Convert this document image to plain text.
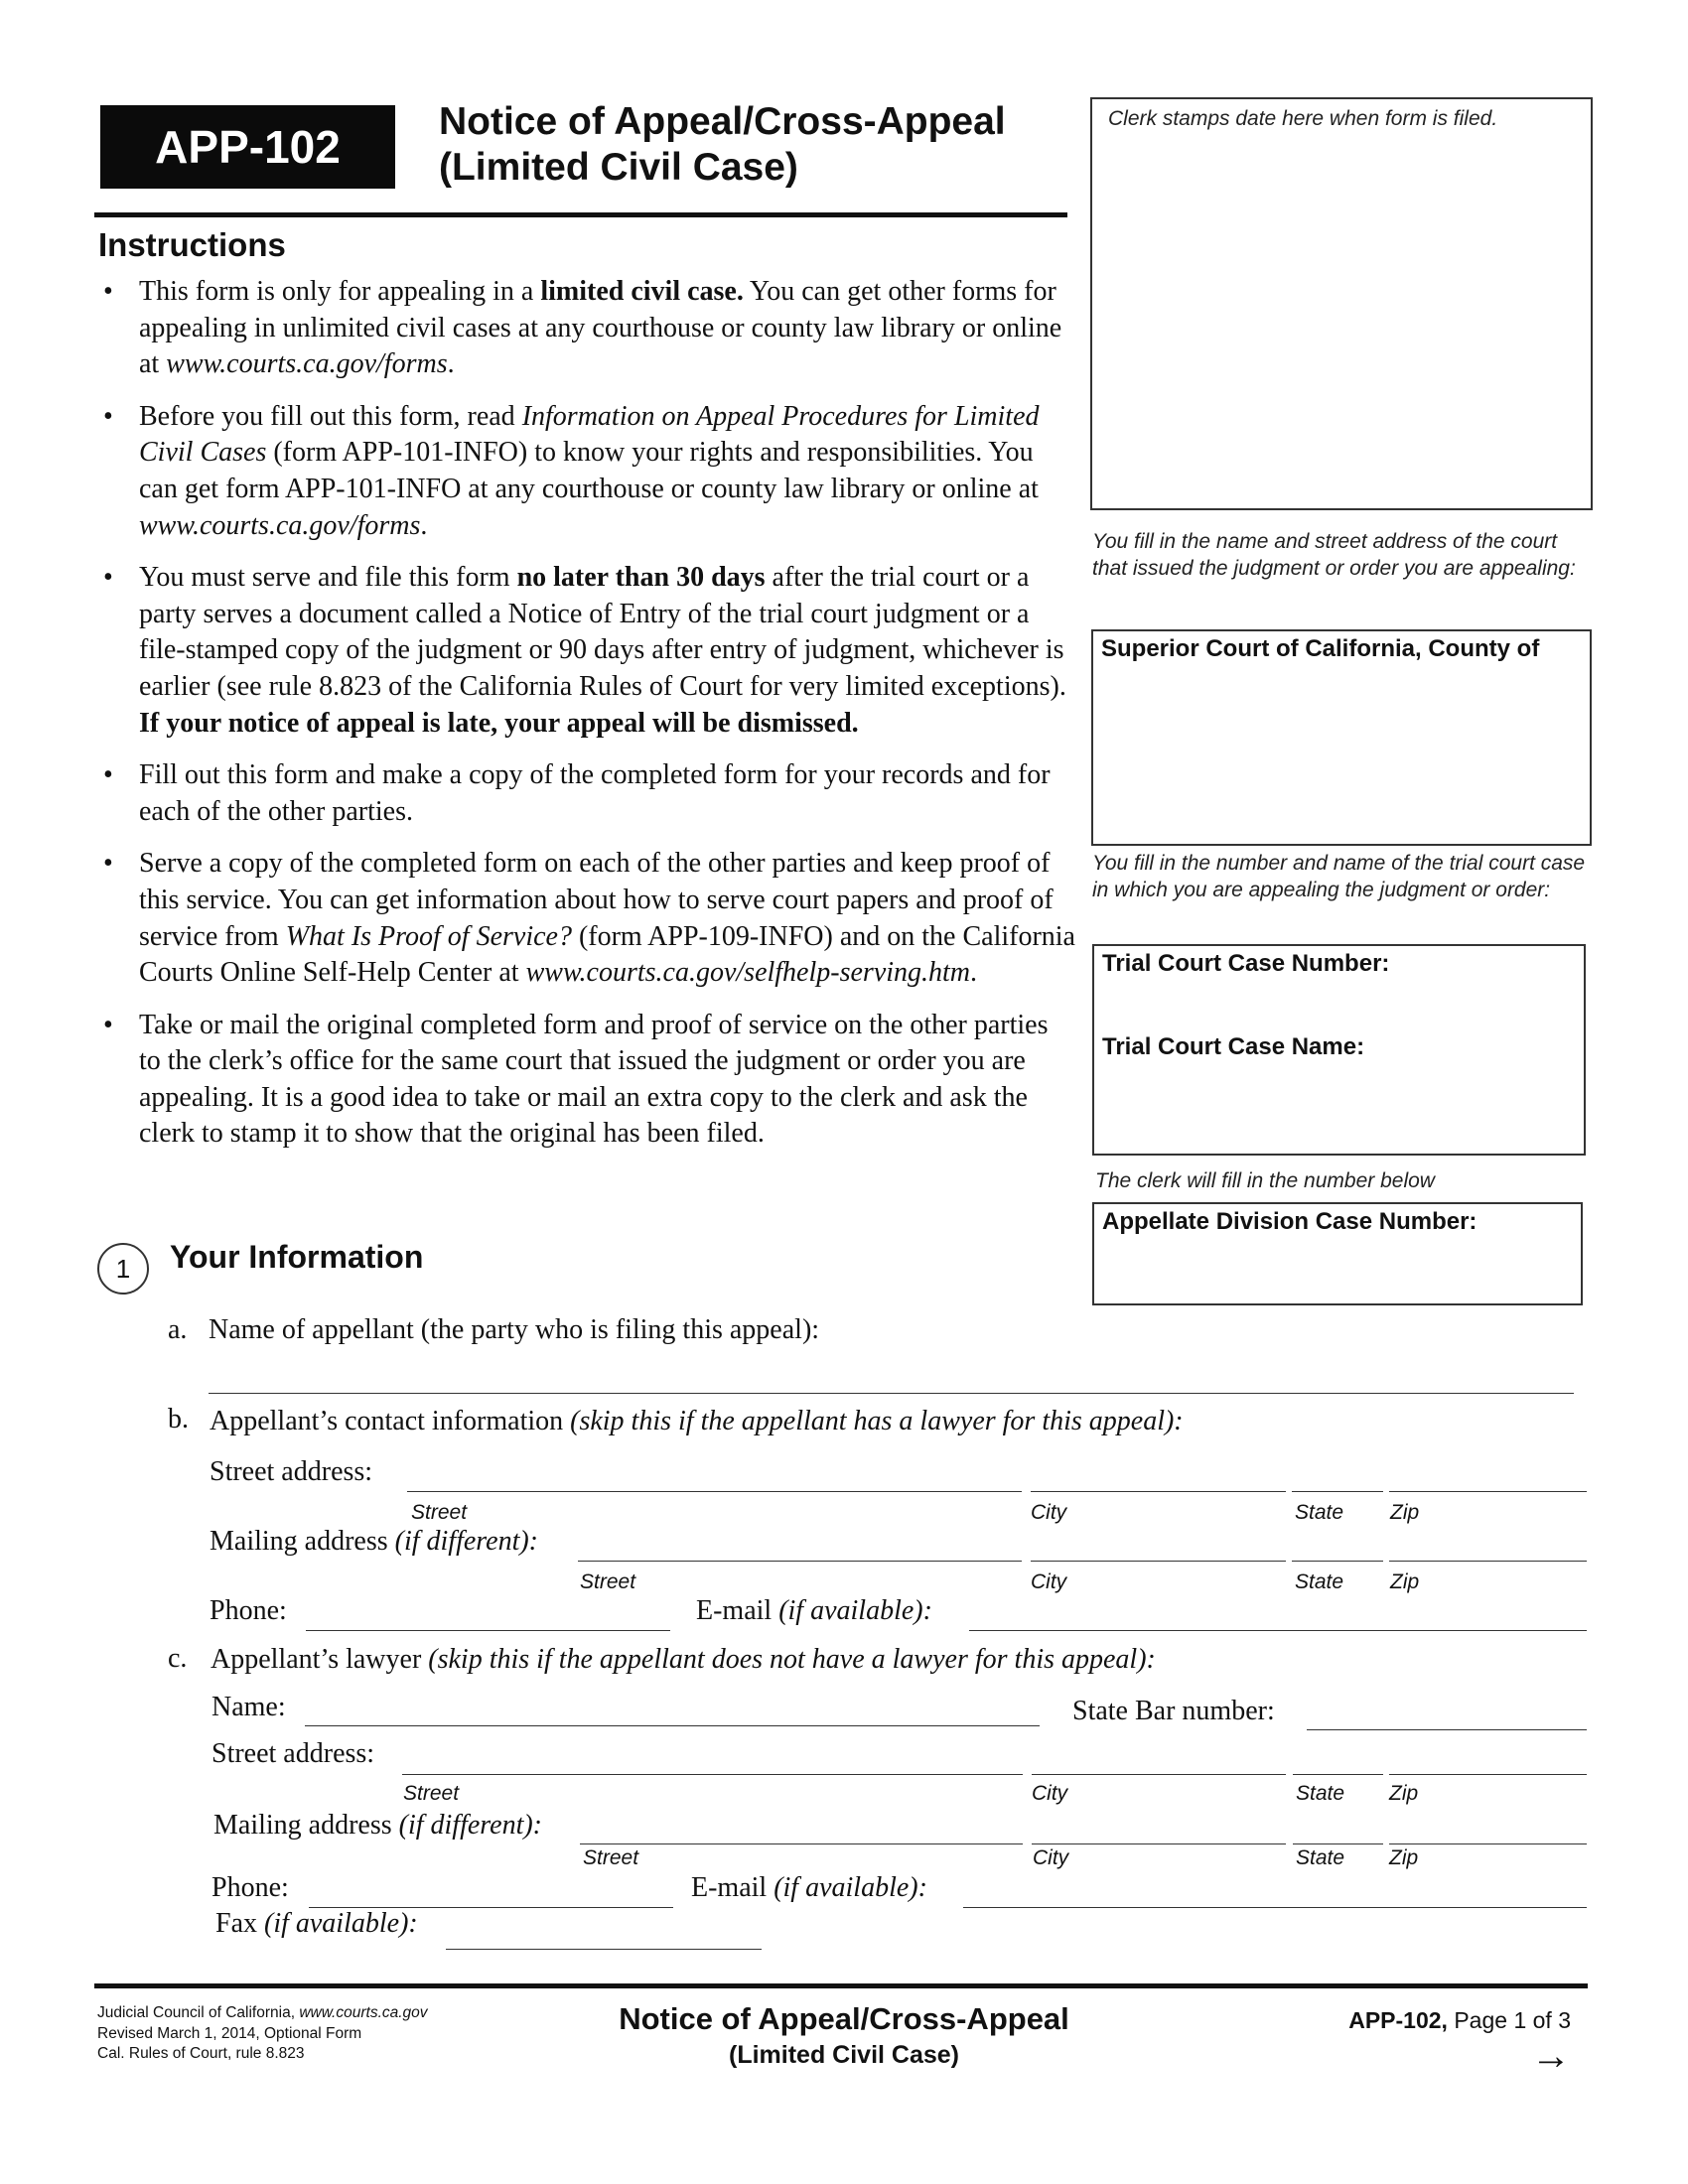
APP-102	Notice of Appeal/Cross-Appeal
(Limited Civil Case)
Instructions
• This form is only for appealing in a limited civil case. You can get other forms for appealing in unlimited civil cases at any courthouse or county law library or online at www.courts.ca.gov/forms.
• Before you fill out this form, read Information on Appeal Procedures for Limited Civil Cases (form APP-101-INFO) to know your rights and responsibilities. You can get form APP-101-INFO at any courthouse or county law library or online at www.courts.ca.gov/forms.
• You must serve and file this form no later than 30 days after the trial court or a party serves a document called a Notice of Entry of the trial court judgment or a file-stamped copy of the judgment or 90 days after entry of judgment, whichever is earlier (see rule 8.823 of the California Rules of Court for very limited exceptions). If your notice of appeal is late, your appeal will be dismissed.
• Fill out this form and make a copy of the completed form for your records and for each of the other parties.
• Serve a copy of the completed form on each of the other parties and keep proof of this service. You can get information about how to serve court papers and proof of service from What Is Proof of Service? (form APP-109-INFO) and on the California Courts Online Self-Help Center at www.courts.ca.gov/selfhelp-serving.htm.
• Take or mail the original completed form and proof of service on the other parties to the clerk’s office for the same court that issued the judgment or order you are appealing. It is a good idea to take or mail an extra copy to the clerk and ask the clerk to stamp it to show that the original has been filed.
Clerk stamps date here when form is filed.
You fill in the name and street address of the court that issued the judgment or order you are appealing:
Superior Court of California, County of
You fill in the number and name of the trial court case in which you are appealing the judgment or order:
Trial Court Case Number:
Trial Court Case Name:
The clerk will fill in the number below
Appellate Division Case Number:
1	Your Information
a. Name of appellant (the party who is filing this appeal):
b. Appellant’s contact information (skip this if the appellant has a lawyer for this appeal):
Street address:
Street	City	State Zip
Mailing address (if different):
Street	City	State Zip
Phone:	E-mail (if available):
c. Appellant’s lawyer (skip this if the appellant does not have a lawyer for this appeal):
Name:	State Bar number:
Street address:
Street	City	State Zip
Mailing address (if different):
Street	City	State Zip
Phone:	E-mail (if available):
Fax (if available):
Judicial Council of California, www.courts.ca.gov
Revised March 1, 2014, Optional Form
Cal. Rules of Court, rule 8.823
Notice of Appeal/Cross-Appeal
(Limited Civil Case)
APP-102, Page 1 of 3
→
